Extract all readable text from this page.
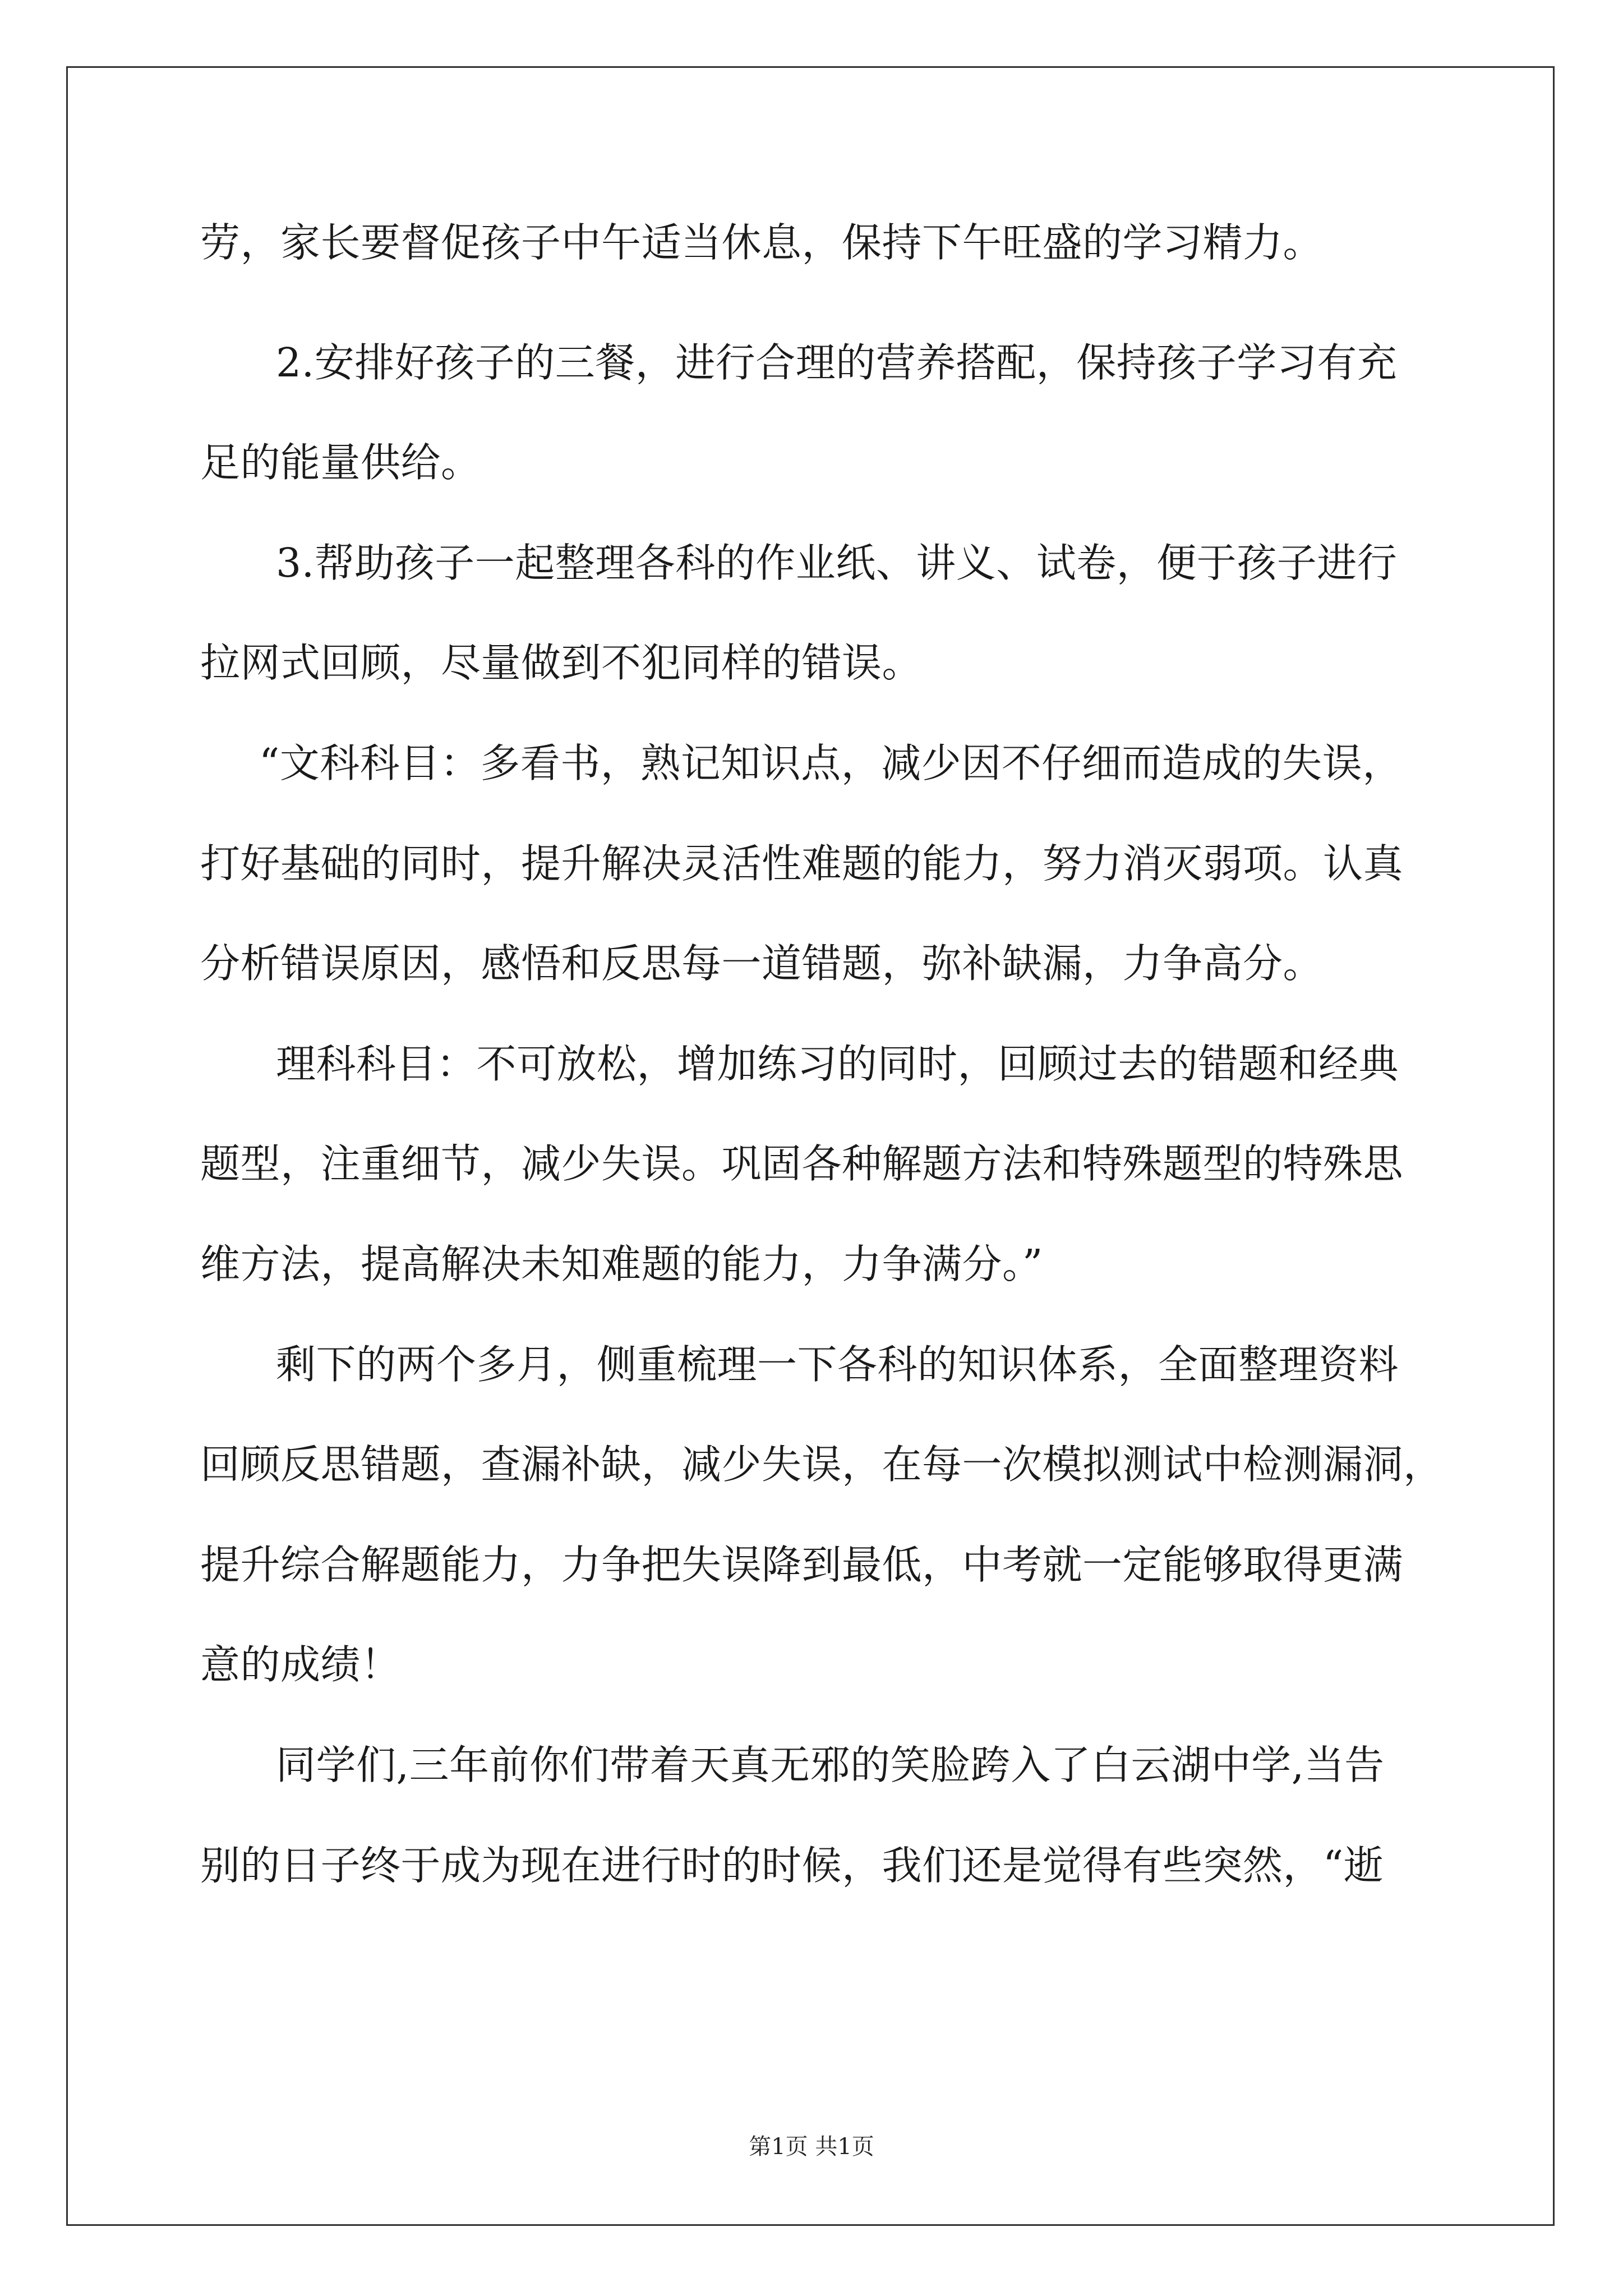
劳，家长要督促孩子中午适当休息，保持下午旺盛的学习精力。
2.安排好孩子的三餐，进行合理的营养搭配，保持孩子学习有充
足的能量供给。
3.帮助孩子一起整理各科的作业纸、讲义、试卷，便于孩子进行
拉网式回顾，尽量做到不犯同样的错误。
“文科科目：多看书，熟记知识点，减少因不仔细而造成的失误，
打好基础的同时，提升解决灵活性难题的能力，努力消灭弱项。认真
分析错误原因，感悟和反思每一道错题，弥补缺漏，力争高分。
理科科目：不可放松，增加练习的同时，回顾过去的错题和经典
题型，注重细节，减少失误。巩固各种解题方法和特殊题型的特殊思
维方法，提高解决未知难题的能力，力争满分。”
剩下的两个多月，侧重梳理一下各科的知识体系，全面整理资料
回顾反思错题，查漏补缺，减少失误，在每一次模拟测试中检测漏洞，
提升综合解题能力，力争把失误降到最低，中考就一定能够取得更满
意的成绩！
同学们,三年前你们带着天真无邪的笑脸跨入了白云湖中学,当告
别的日子终于成为现在进行时的时候，我们还是觉得有些突然，“逝
第1页 共1页
